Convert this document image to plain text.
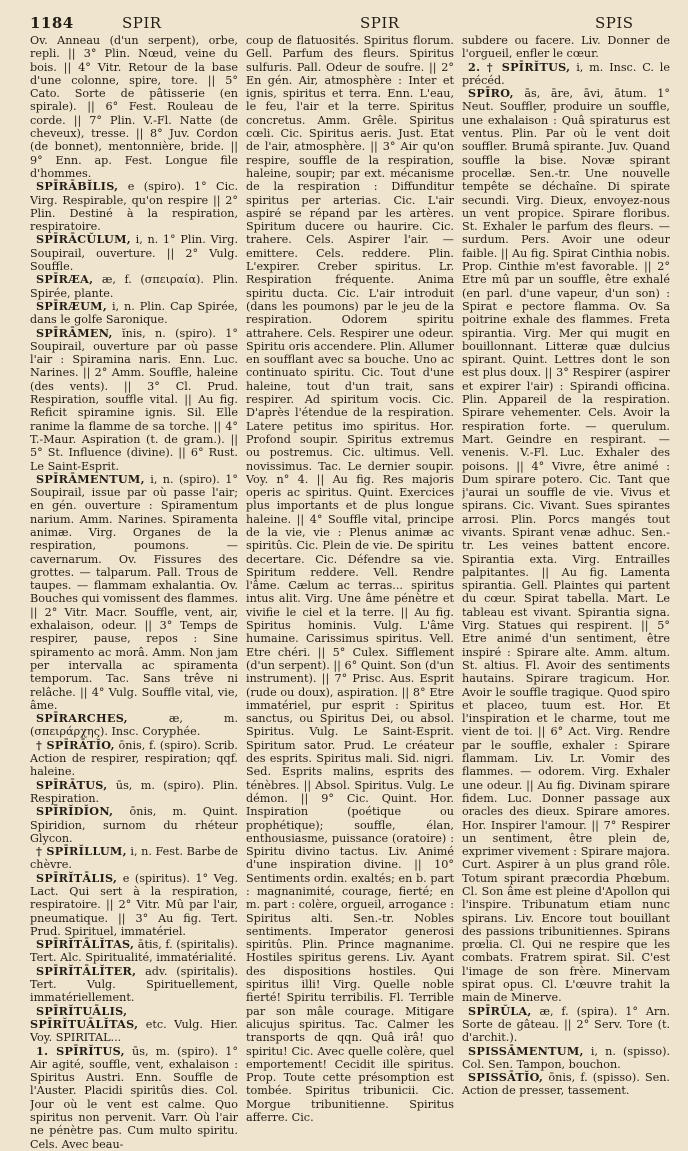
1184	SPIR	SPIR	SPIS

Ov. Anneau (d'un serpent), orbe, repli. || 3° Plin. Nœud, veine du bois. || 4° Vitr. Retour de la base d'une colonne, spire, tore. || 5° Cato. Sorte de pâtisserie (en spirale). || 6° Fest. Rouleau de corde. || 7° Plin. V.-Fl. Natte (de cheveux), tresse. || 8° Juv. Cordon (de bonnet), mentonnière, bride. || 9° Enn. ap. Fest. Longue file d'hommes.

SPĪRĀBĬLIS, e (spiro). 1° Cic. Virg. Respirable, qu'on respire || 2° Plin. Destiné à la respiration, respiratoire.

SPĪRĀCŬLUM, i, n. 1° Plin. Virg. Soupirail, ouverture. || 2° Vulg. Souffle.

SPĪRÆA, æ, f. (σπειραία). Plin. Spirée, plante.

SPĪRÆUM, i, n. Plin. Cap Spirée, dans le golfe Saronique.

SPĪRĀMEN, ĭnis, n. (spiro). 1° Soupirail, ouverture par où passe l'air : Spiramina naris. Enn. Luc. Narines. || 2° Amm. Souffle, haleine (des vents). || 3° Cl. Prud. Respiration, souffle vital. || Au fig. Reficit spiramine ignis. Sil. Elle ranime la flamme de sa torche. || 4° T.-Maur. Aspiration (t. de gram.). || 5° St. Influence (divine). || 6° Rust. Le Saint-Esprit.

SPĪRĀMENTUM, i, n. (spiro). 1° Soupirail, issue par où passe l'air; en gén. ouverture : Spiramentum narium. Amm. Narines. Spiramenta animæ. Virg. Organes de la respiration, poumons. — cavernarum. Ov. Fissures des grottes. — talparum. Pall. Trous de taupes. — flammam exhalantia. Ov. Bouches qui vomissent des flammes. || 2° Vitr. Macr. Souffle, vent, air, exhalaison, odeur. || 3° Temps de respirer, pause, repos : Sine spiramento ac morâ. Amm. Non jam per intervalla ac spiramenta temporum. Tac. Sans trêve ni relâche. || 4° Vulg. Souffle vital, vie, âme.

SPĪRARCHES,	æ, m. (σπειράρχης). Insc. Coryphée.

† SPĪRĀTĬO, ōnis, f. (spiro). Scrib. Action de respirer, respiration; qqf. haleine.

SPĪRĀTUS, ūs, m. (spiro). Plin. Respiration.

SPĪRĬDĬON, ōnis, m. Quint. Spiridion, surnom du rhéteur Glycon.

† SPĪRĬLLUM, i, n. Fest. Barbe de chèvre.

SPĪRĬTĀLIS, e (spiritus). 1° Veg. Lact. Qui sert à la respiration, respiratoire. || 2° Vitr. Mû par l'air, pneumatique. || 3° Au fig. Tert. Prud. Spirituel, immatériel.

SPĪRĬTĀLĬTAS, ātis, f. (spiritalis). Tert. Alc. Spiritualité, immatérialité.

SPĪRĬTĀLĬTER, adv. (spiritalis). Tert. Vulg. Spirituellement, immatériellement.

SPĪRĬTUĀLIS, SPĪRĬTUĀLĬTAS, etc. Vulg. Hier. Voy. SPIRITAL...

1. SPĪRĬTUS, ūs, m. (spiro). 1° Air agité, souffle, vent, exhalaison : Spiritus Austri. Enn. Souffle de l'Auster. Placidi spiritûs dies. Col. Jour où le vent est calme. Quo spiritus non pervenit. Varr. Où l'air ne pénètre pas. Cum multo spiritu. Cels. Avec beau-

coup de flatuosités. Spiritus florum. Gell. Parfum des fleurs. Spiritus sulfuris. Pall. Odeur de soufre. || 2° En gén. Air, atmosphère : Inter et ignis, spiritus et terra. Enn. L'eau, le feu, l'air et la terre. Spiritus concretus. Amm. Grêle. Spiritus cœli. Cic. Spiritus aeris. Just. Etat de l'air, atmosphère. || 3° Air qu'on respire, souffle de la respiration, haleine, soupir; par ext. mécanisme de la respiration : Diffunditur spiritus per arterias. Cic. L'air aspiré se répand par les artères. Spiritum ducere ou haurire. Cic. trahere. Cels. Aspirer l'air. — emittere. Cels. reddere. Plin. L'expirer. Creber spiritus. Lr. Respiration fréquente. Anima spiritu ducta. Cic. L'air introduit (dans les poumons) par le jeu de la respiration. Odorem spiritu attrahere. Cels. Respirer une odeur. Spiritu oris accendere. Plin. Allumer en soufflant avec sa bouche. Uno ac continuato spiritu. Cic. Tout d'une haleine, tout d'un trait, sans respirer. Ad spiritum vocis. Cic. D'après l'étendue de la respiration. Latere petitus imo spiritus. Hor. Profond soupir. Spiritus extremus ou postremus. Cic. ultimus. Vell. novissimus. Tac. Le dernier soupir. Voy. n° 4. || Au fig. Res majoris operis ac spiritus. Quint. Exercices plus importants et de plus longue haleine. || 4° Souffle vital, principe de la vie, vie : Plenus animæ ac spiritûs. Cic. Plein de vie. De spiritu decertare. Cic. Défendre sa vie. Spiritum reddere. Vell. Rendre l'âme. Cælum ac terras... spiritus intus alit. Virg. Une âme pénètre et vivifie le ciel et la terre. || Au fig. Spiritus hominis. Vulg. L'âme humaine. Carissimus spiritus. Vell. Etre chéri. || 5° Culex. Sifflement (d'un serpent). || 6° Quint. Son (d'un instrument). || 7° Prisc. Aus. Esprit (rude ou doux), aspiration. || 8° Etre immatériel, pur esprit : Spiritus sanctus, ou Spiritus Dei, ou absol. Spiritus. Vulg. Le Saint-Esprit. Spiritum sator. Prud. Le créateur des esprits. Spiritus mali. Sid. nigri. Sed. Esprits malins, esprits des ténèbres. || Absol. Spiritus. Vulg. Le démon. || 9° Cic. Quint. Hor. Inspiration (poétique ou prophétique); souffle, élan, enthousiasme, puissance (oratoire) : Spiritu divino tactus. Liv. Animé d'une inspiration divine. || 10° Sentiments ordin. exaltés; en b. part : magnanimité, courage, fierté; en m. part : colère, orgueil, arrogance : Spiritus alti. Sen.-tr. Nobles sentiments. Imperator generosi spiritûs. Plin. Prince magnanime. Hostiles spiritus gerens. Liv. Ayant des dispositions hostiles. Qui spiritus illi! Virg. Quelle noble fierté! Spiritu terribilis. Fl. Terrible par son mâle courage. Mitigare alicujus spiritus. Tac. Calmer les transports de qqn. Quâ irâ! quo spiritu! Cic. Avec quelle colère, quel emportement! Cecidit ille spiritus. Prop. Toute cette présomption est tombée. Spiritus tribunicii. Cic. Morgue tribunitienne. Spiritus afferre. Cic.

subdere ou facere. Liv. Donner de l'orgueil, enfler le cœur.

2. † SPĪRĬTUS, i, m. Insc. C. le précéd.

SPĪRO, ās, āre, āvi, ātum. 1° Neut. Souffler, produire un souffle, une exhalaison : Quâ spiraturus est ventus. Plin. Par où le vent doit souffler. Brumâ spirante. Juv. Quand souffle la bise. Novæ spirant procellæ. Sen.-tr. Une nouvelle tempête se déchaîne. Di spirate secundi. Virg. Dieux, envoyez-nous un vent propice. Spirare floribus. St. Exhaler le parfum des fleurs. — surdum. Pers. Avoir une odeur faible. || Au fig. Spirat Cinthia nobis. Prop. Cinthie m'est favorable. || 2° Etre mû par un souffle, être exhalé (en parl. d'une vapeur, d'un son) : Spirat e pectore flamma. Ov. Sa poitrine exhale des flammes. Freta spirantia. Virg. Mer qui mugit en bouillonnant. Litteræ quæ dulcius spirant. Quint. Lettres dont le son est plus doux. || 3° Respirer (aspirer et expirer l'air) : Spirandi officina. Plin. Appareil de la respiration. Spirare vehementer. Cels. Avoir la respiration forte. — querulum. Mart. Geindre en respirant. — venenis. V.-Fl. Luc. Exhaler des poisons. || 4° Vivre, être animé : Dum spirare potero. Cic. Tant que j'aurai un souffle de vie. Vivus et spirans. Cic. Vivant. Sues spirantes arrosi. Plin. Porcs mangés tout vivants. Spirant venæ adhuc. Sen.-tr. Les veines battent encore. Spirantia exta. Virg. Entrailles palpitantes. || Au fig. Lamenta spirantia. Gell. Plaintes qui partent du cœur. Spirat tabella. Mart. Le tableau est vivant. Spirantia signa. Virg. Statues qui respirent. || 5° Etre animé d'un sentiment, être inspiré : Spirare alte. Amm. altum. St. altius. Fl. Avoir des sentiments hautains. Spirare tragicum. Hor. Avoir le souffle tragique. Quod spiro et placeo, tuum est. Hor. Et l'inspiration et le charme, tout me vient de toi. || 6° Act. Virg. Rendre par le souffle, exhaler : Spirare flammam. Liv. Lr. Vomir des flammes. — odorem. Virg. Exhaler une odeur. || Au fig. Divinam spirare fidem. Luc. Donner passage aux oracles des dieux. Spirare amores. Hor. Inspirer l'amour. || 7° Respirer un sentiment, être plein de, exprimer vivement : Spirare majora. Curt. Aspirer à un plus grand rôle. Totum spirant præcordia Phœbum. Cl. Son âme est pleine d'Apollon qui l'inspire. Tribunatum etiam nunc spirans. Liv. Encore tout bouillant des passions tribunitiennes. Spirans prœlia. Cl. Qui ne respire que les combats. Fratrem spirat. Sil. C'est l'image de son frère. Minervam spirat opus. Cl. L'œuvre trahit la main de Minerve.

SPĪRŬLA, æ, f. (spira). 1° Arn. Sorte de gâteau. || 2° Serv. Tore (t. d'archit.).

SPISSĀMENTUM, i, n. (spisso). Col. Sen. Tampon, bouchon.

SPISSĀTĬO, ōnis, f. (spisso). Sen. Action de presser, tassement.
